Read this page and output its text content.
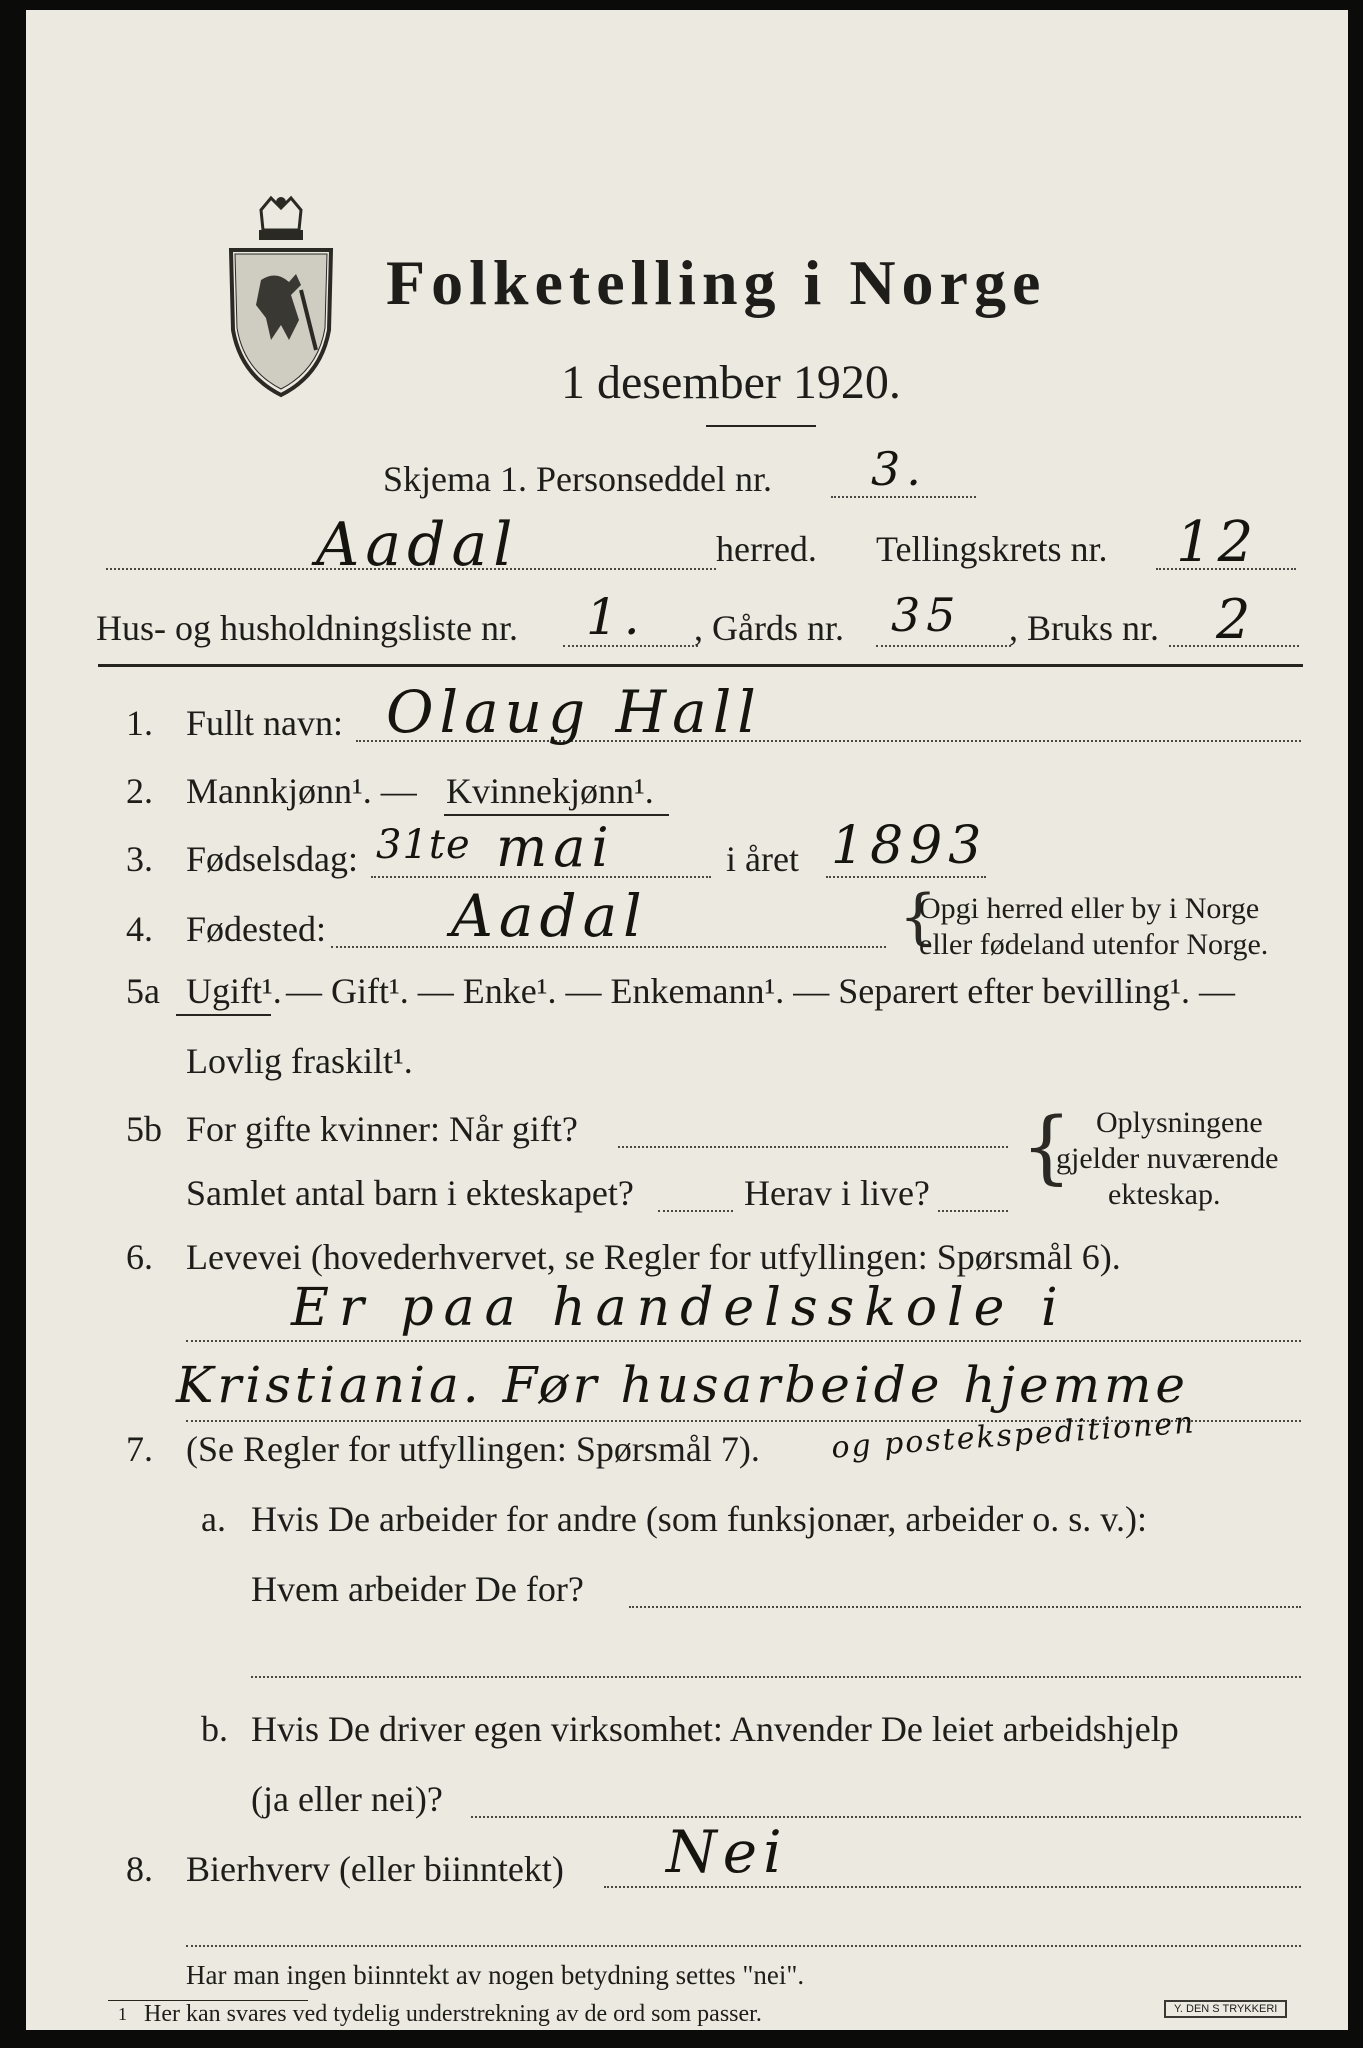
Folketelling i Norge
1 desember 1920.
Skjema 1. Personseddel nr. 3.
Aadal	herred. Tellingskrets nr. 12
Hus- og husholdningsliste nr. 1. , Gårds nr. 35 , Bruks nr. 2
1. Fullt navn: Olaug Hall
2. Mannkjønn¹. — Kvinnekjønn¹.
3. Fødselsdag: 31te mai	i året 1893
4. Fødested: Aadal	{
Opgi herred eller by i Norge
eller fødeland utenfor Norge.
5a Ugift¹. — Gift¹. — Enke¹. — Enkemann¹. — Separert efter bevilling¹. —
Lovlig fraskilt¹.
5b For gifte kvinner: Når gift?
Samlet antal barn i ekteskapet?	Herav i live? { Oplysningene
gjelder nuværende
ekteskap.
6. Levevei (hovederhvervet, se Regler for utfyllingen: Spørsmål 6).
Er paa handelsskole i
Kristiania. Før husarbeide hjemme
og postekspeditionen
7. (Se Regler for utfyllingen: Spørsmål 7).
a. Hvis De arbeider for andre (som funksjonær, arbeider o. s. v.):
Hvem arbeider De for?
b. Hvis De driver egen virksomhet: Anvender De leiet arbeidshjelp
(ja eller nei)?
8. Bierhverv (eller biinntekt) Nei
Har man ingen biinntekt av nogen betydning settes "nei".
1 Her kan svares ved tydelig understrekning av de ord som passer.	Y. DEN S TRYKKERI
